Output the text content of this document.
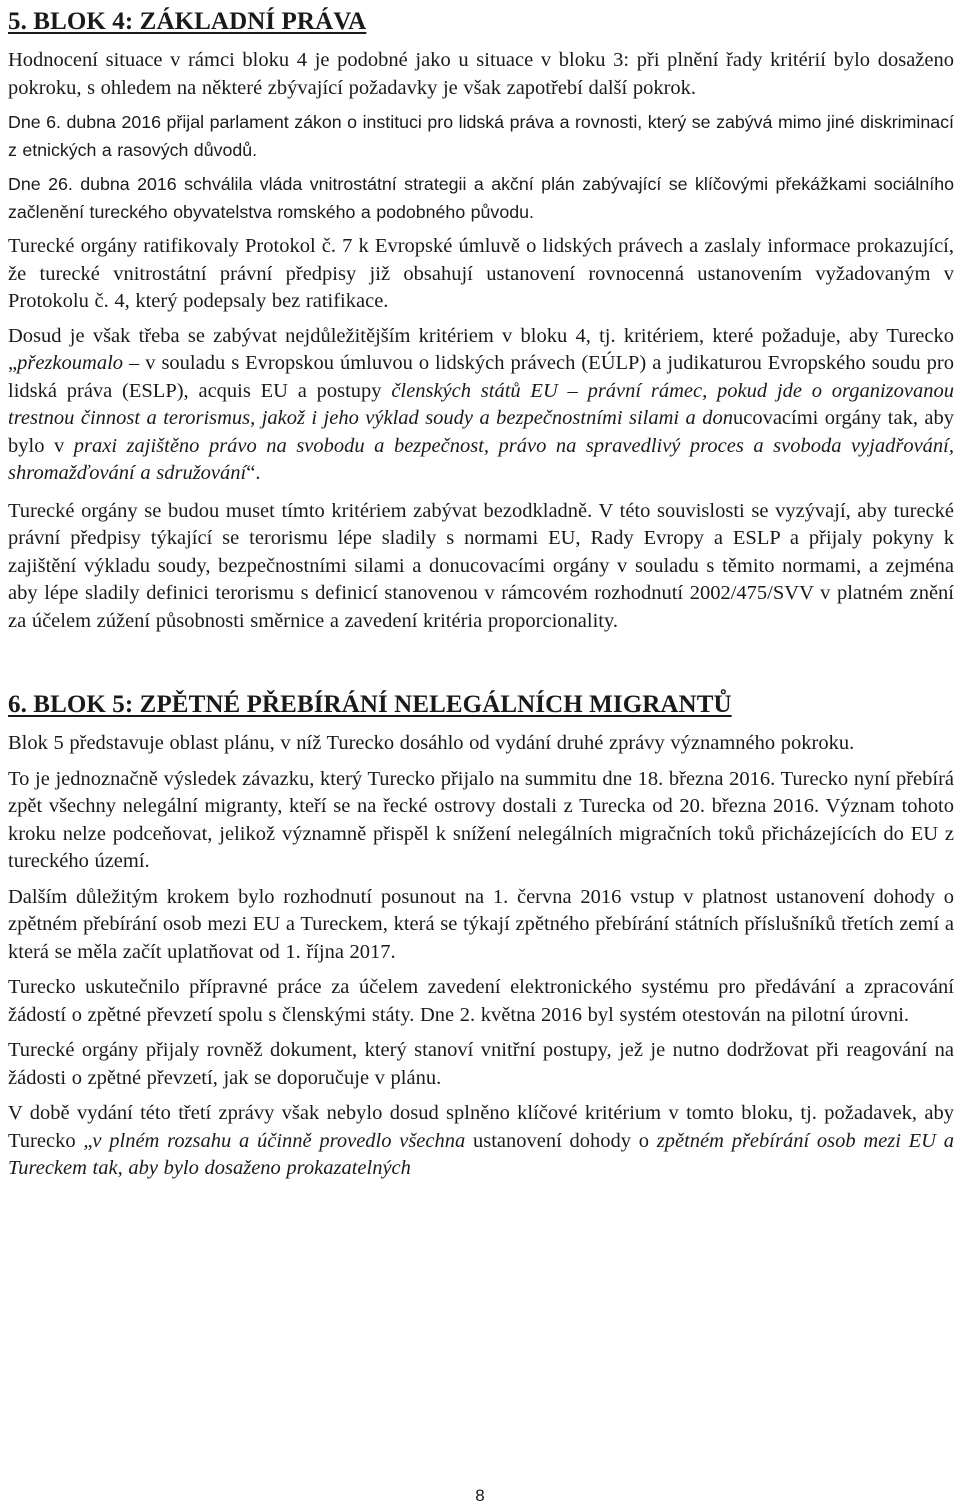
5. BLOK 4: ZÁKLADNÍ PRÁVA

Hodnocení situace v rámci bloku 4 je podobné jako u situace v bloku 3: při plnění řady kritérií bylo dosaženo pokroku, s ohledem na některé zbývající požadavky je však zapotřebí další pokrok.

Dne 6. dubna 2016 přijal parlament zákon o instituci pro lidská práva a rovnosti, který se zabývá mimo jiné diskriminací z etnických a rasových důvodů.

Dne 26. dubna 2016 schválila vláda vnitrostátní strategii a akční plán zabývající se klíčovými překážkami sociálního začlenění tureckého obyvatelstva romského a podobného původu.

Turecké orgány ratifikovaly Protokol č. 7 k Evropské úmluvě o lidských právech a zaslaly informace prokazující, že turecké vnitrostátní právní předpisy již obsahují ustanovení rovnocenná ustanovením vyžadovaným v Protokolu č. 4, který podepsaly bez ratifikace.

Dosud je však třeba se zabývat nejdůležitějším kritériem v bloku 4, tj. kritériem, které požaduje, aby Turecko „přezkoumalo – v souladu s Evropskou úmluvou o lidských právech (EÚLP) a judikaturou Evropského soudu pro lidská práva (ESLP), acquis EU a postupy členských států EU – právní rámec, pokud jde o organizovanou trestnou činnost a terorismus, jakož i jeho výklad soudy a bezpečnostními silami a donucovacími orgány tak, aby bylo v praxi zajištěno právo na svobodu a bezpečnost, právo na spravedlivý proces a svoboda vyjadřování, shromažďování a sdružování“.

Turecké orgány se budou muset tímto kritériem zabývat bezodkladně. V této souvislosti se vyzývají, aby turecké právní předpisy týkající se terorismu lépe sladily s normami EU, Rady Evropy a ESLP a přijaly pokyny k zajištění výkladu soudy, bezpečnostními silami a donucovacími orgány v souladu s těmito normami, a zejména aby lépe sladily definici terorismu s definicí stanovenou v rámcovém rozhodnutí 2002/475/SVV v platném znění za účelem zúžení působnosti směrnice a zavedení kritéria proporcionality.

6. BLOK 5: ZPĚTNÉ PŘEBÍRÁNÍ NELEGÁLNÍCH MIGRANTŮ

Blok 5 představuje oblast plánu, v níž Turecko dosáhlo od vydání druhé zprávy významného pokroku.

To je jednoznačně výsledek závazku, který Turecko přijalo na summitu dne 18. března 2016. Turecko nyní přebírá zpět všechny nelegální migranty, kteří se na řecké ostrovy dostali z Turecka od 20. března 2016. Význam tohoto kroku nelze podceňovat, jelikož významně přispěl k snížení nelegálních migračních toků přicházejících do EU z tureckého území.

Dalším důležitým krokem bylo rozhodnutí posunout na 1. června 2016 vstup v platnost ustanovení dohody o zpětném přebírání osob mezi EU a Tureckem, která se týkají zpětného přebírání státních příslušníků třetích zemí a která se měla začít uplatňovat od 1. října 2017.

Turecko uskutečnilo přípravné práce za účelem zavedení elektronického systému pro předávání a zpracování žádostí o zpětné převzetí spolu s členskými státy. Dne 2. května 2016 byl systém otestován na pilotní úrovni.

Turecké orgány přijaly rovněž dokument, který stanoví vnitřní postupy, jež je nutno dodržovat při reagování na žádosti o zpětné převzetí, jak se doporučuje v plánu.

V době vydání této třetí zprávy však nebylo dosud splněno klíčové kritérium v tomto bloku, tj. požadavek, aby Turecko „v plném rozsahu a účinně provedlo všechna ustanovení dohody o zpětném přebírání osob mezi EU a Tureckem tak, aby bylo dosaženo prokazatelných

8
